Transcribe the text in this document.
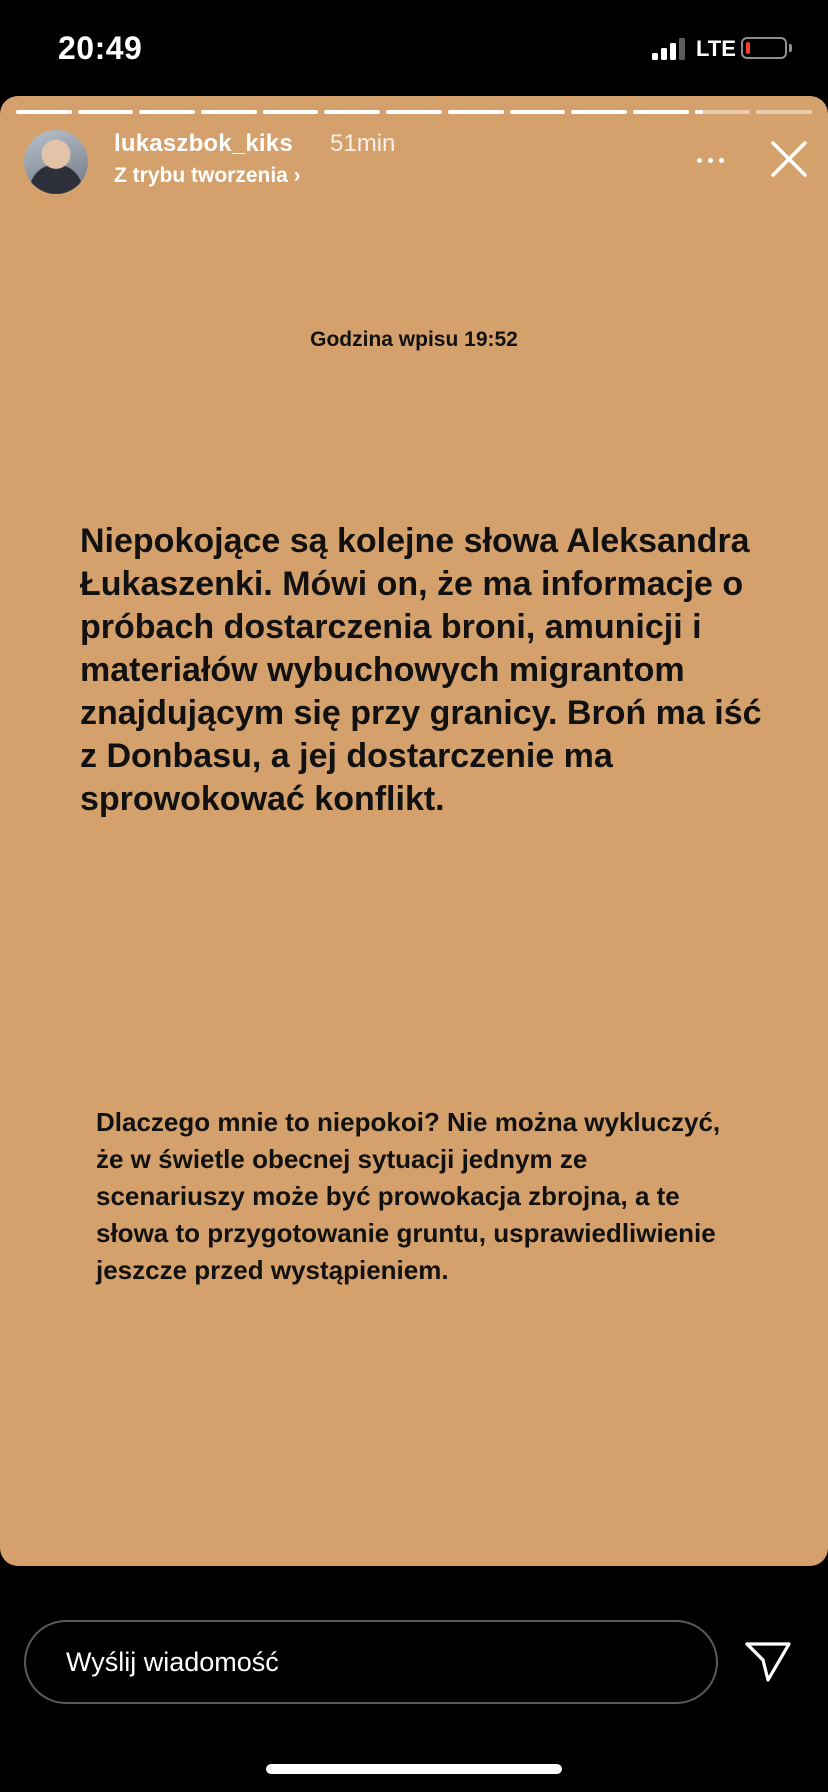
20:49	LTE
lukaszbok_kiks 51min
Z trybu tworzenia ›
Godzina wpisu 19:52
Niepokojące są kolejne słowa Aleksandra Łukaszenki. Mówi on, że ma informacje o próbach dostarczenia broni, amunicji i materiałów wybuchowych migrantom znajdującym się przy granicy. Broń ma iść z Donbasu, a jej dostarczenie ma sprowokować konflikt.
Dlaczego mnie to niepokoi? Nie można wykluczyć, że w świetle obecnej sytuacji jednym ze scenariuszy może być prowokacja zbrojna, a te słowa to przygotowanie gruntu, usprawiedliwienie jeszcze przed wystąpieniem.
Wyślij wiadomość
